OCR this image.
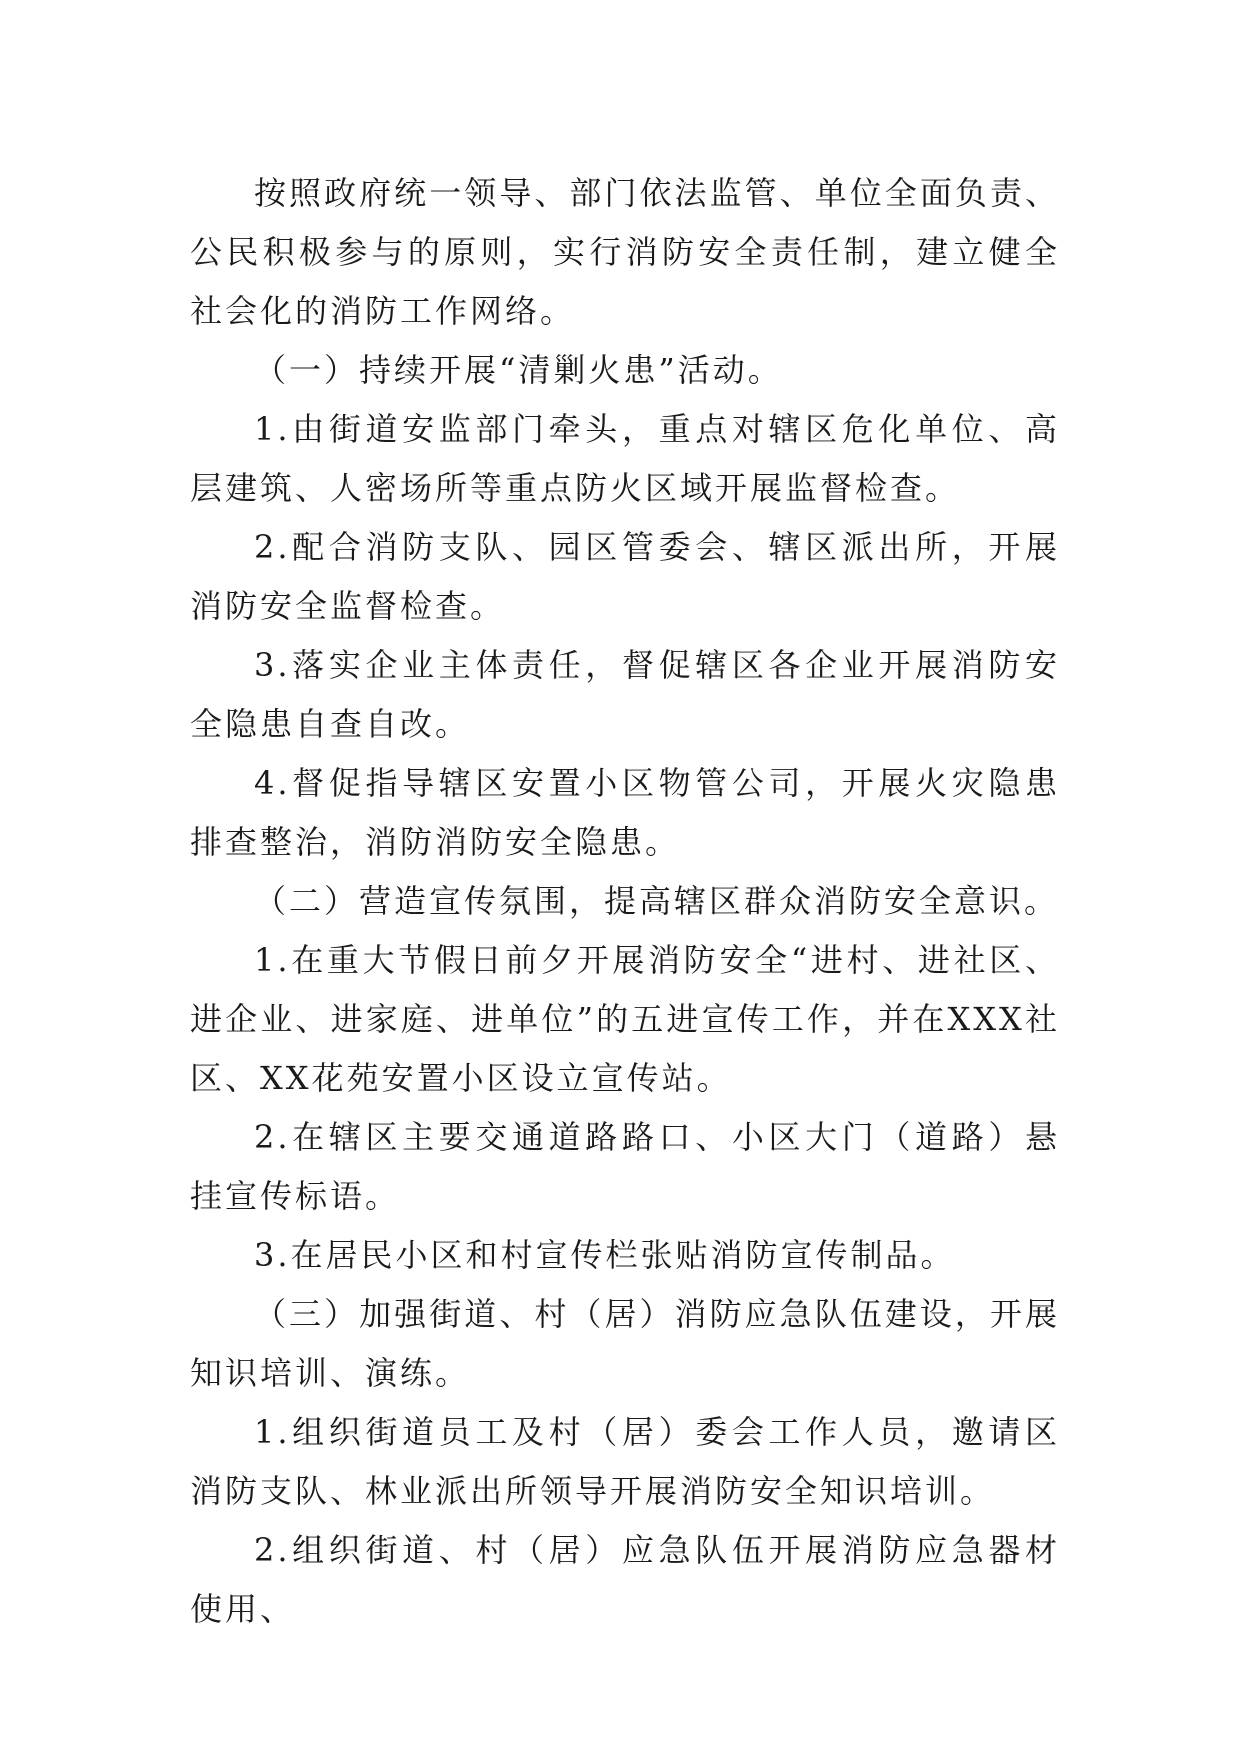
按照政府统一领导、部门依法监管、单位全面负责、公民积极参与的原则，实行消防安全责任制，建立健全社会化的消防工作网络。

（一）持续开展“清剿火患”活动。

1.由街道安监部门牵头，重点对辖区危化单位、高层建筑、人密场所等重点防火区域开展监督检查。

2.配合消防支队、园区管委会、辖区派出所，开展消防安全监督检查。

3.落实企业主体责任，督促辖区各企业开展消防安全隐患自查自改。

4.督促指导辖区安置小区物管公司，开展火灾隐患排查整治，消防消防安全隐患。

（二）营造宣传氛围，提高辖区群众消防安全意识。

1.在重大节假日前夕开展消防安全“进村、进社区、进企业、进家庭、进单位”的五进宣传工作，并在XXX社区、XX花苑安置小区设立宣传站。

2.在辖区主要交通道路路口、小区大门（道路）悬挂宣传标语。

3.在居民小区和村宣传栏张贴消防宣传制品。

（三）加强街道、村（居）消防应急队伍建设，开展知识培训、演练。

1.组织街道员工及村（居）委会工作人员，邀请区消防支队、林业派出所领导开展消防安全知识培训。

2.组织街道、村（居）应急队伍开展消防应急器材使用、
